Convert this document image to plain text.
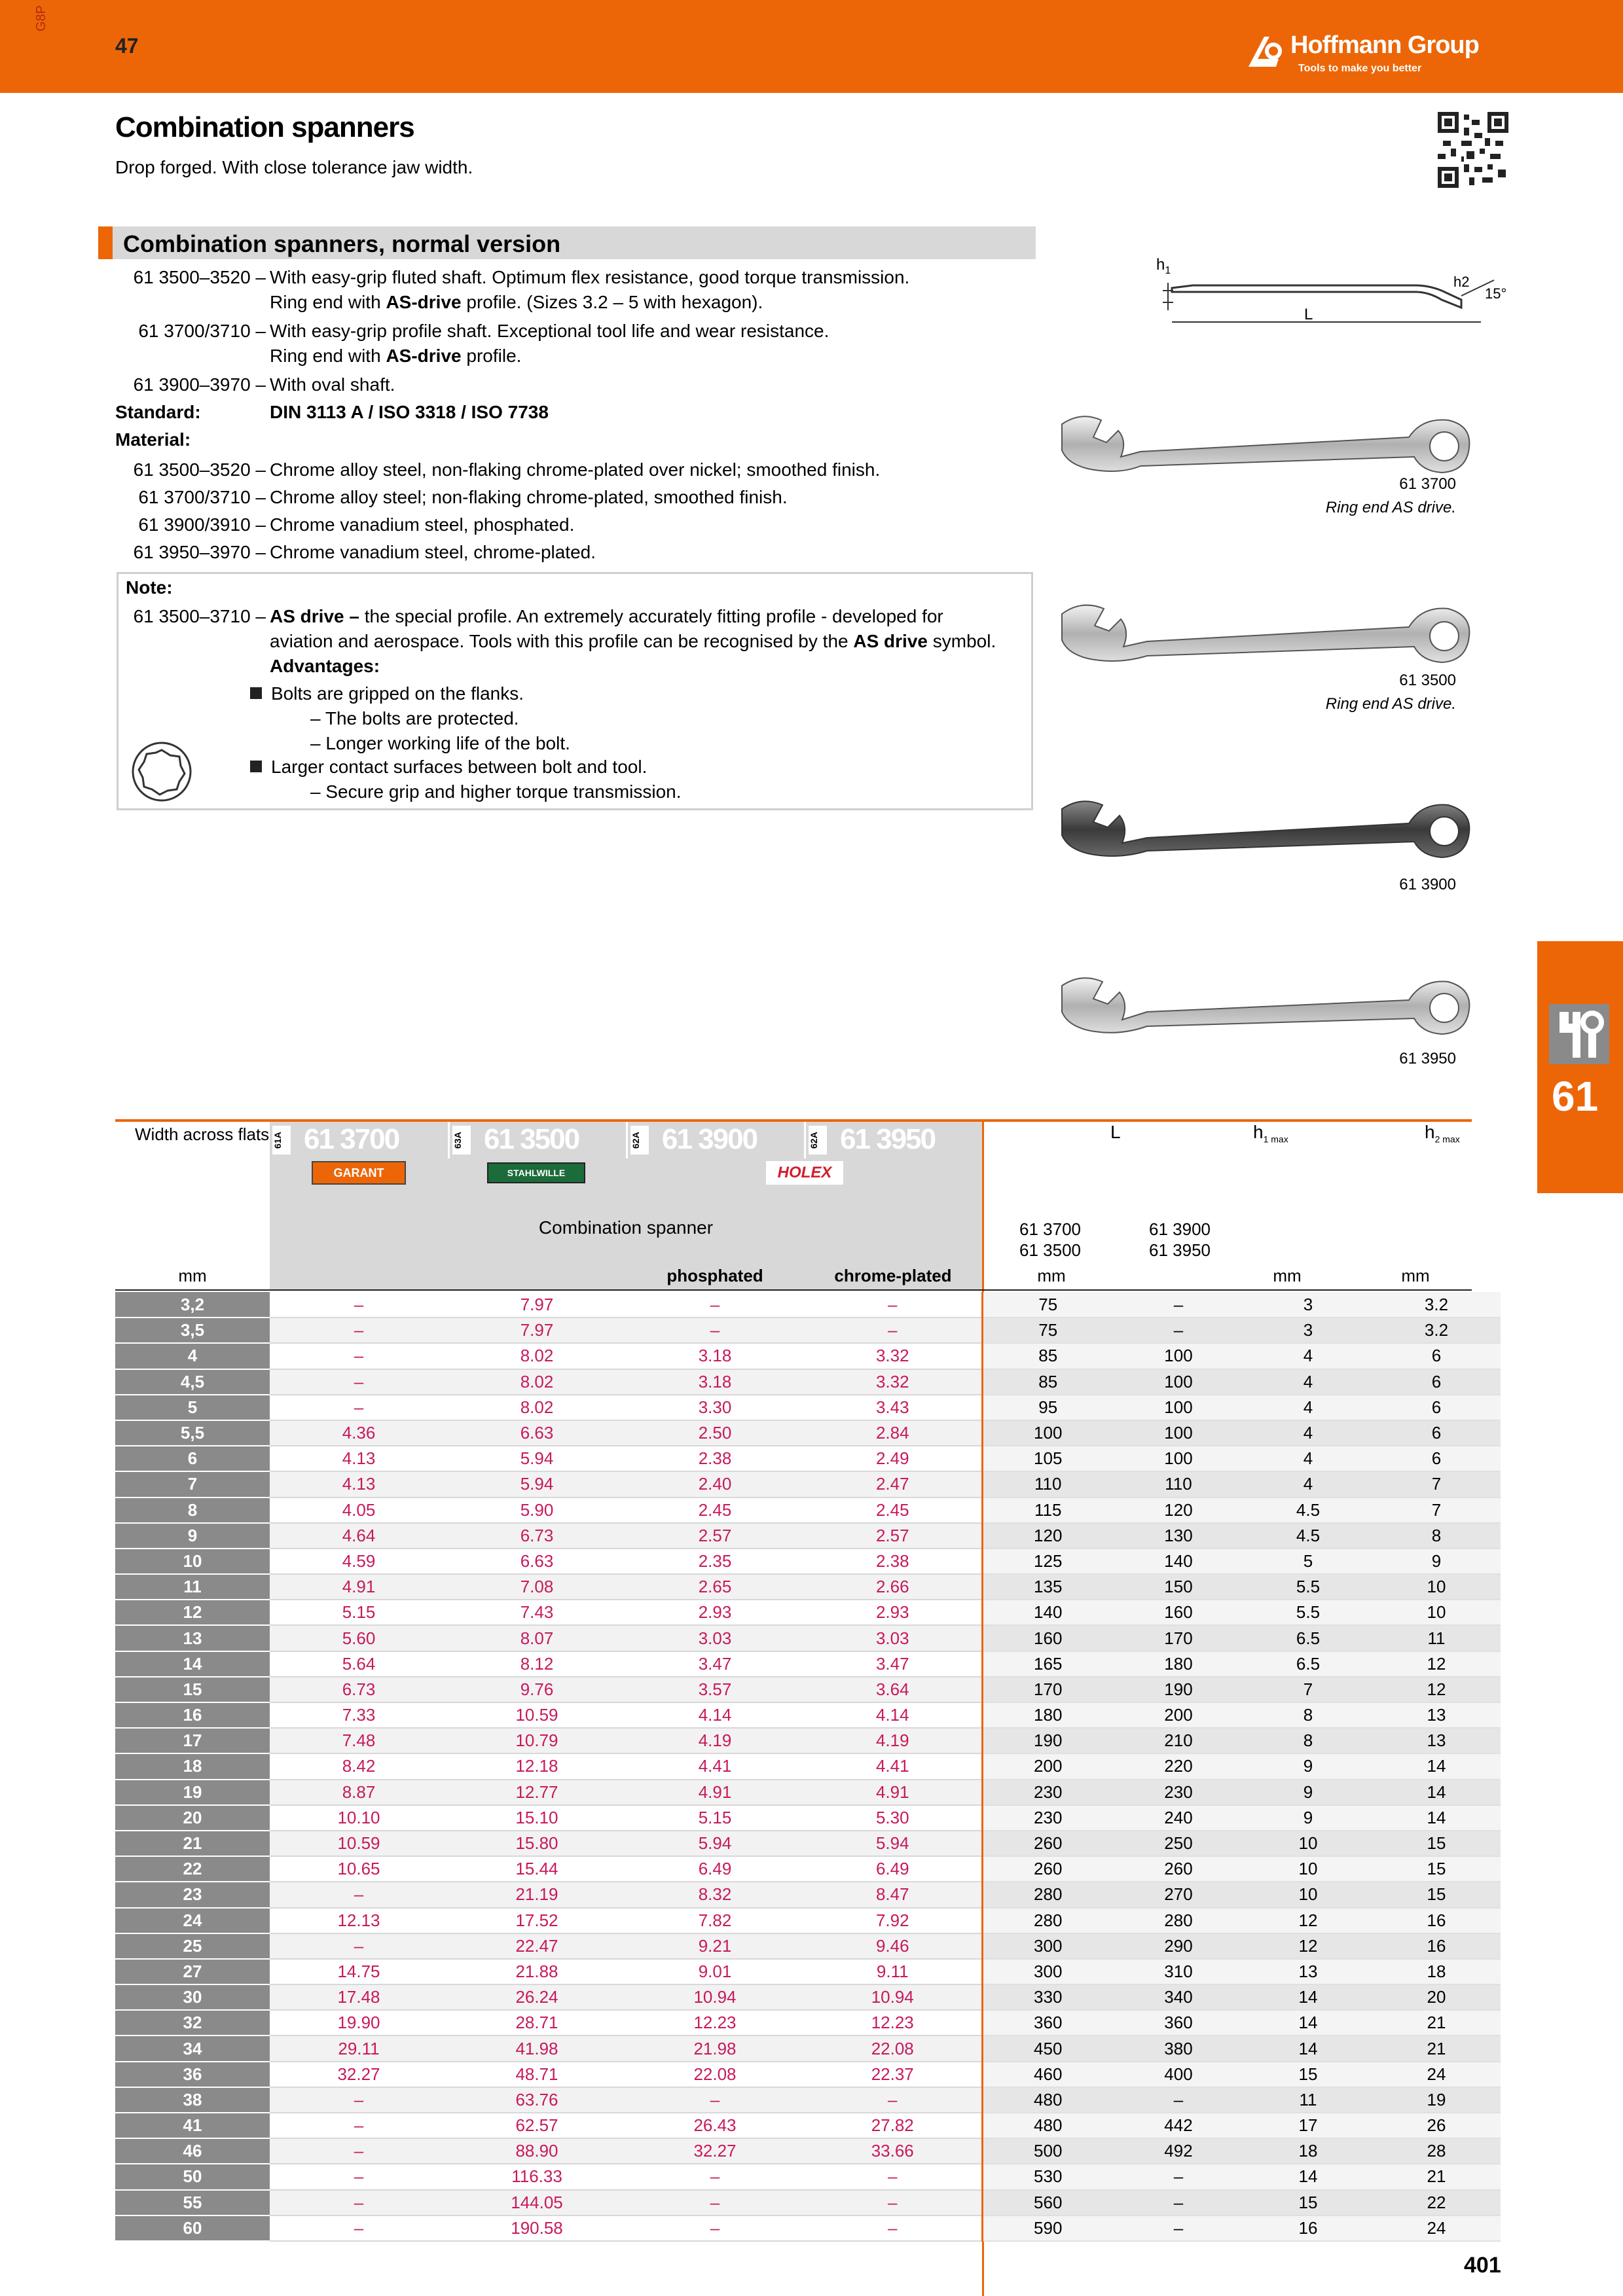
G8P
47	Hoffmann Group
Tools to make you better
Combination spanners
Drop forged. With close tolerance jaw width.
Combination spanners, normal version
61 3500–3520 – With easy-grip fluted shaft. Optimum flex resistance, good torque transmission.
Ring end with AS-drive profile. (Sizes 3.2 – 5 with hexagon).
61 3700/3710 – With easy-grip profile shaft. Exceptional tool life and wear resistance.
Ring end with AS-drive profile.
61 3900–3970 – With oval shaft.
Standard:	DIN 3113 A / ISO 3318 / ISO 7738
Material:
61 3500–3520 – Chrome alloy steel, non-flaking chrome-plated over nickel; smoothed finish.
61 3700/3710 – Chrome alloy steel; non-flaking chrome-plated, smoothed finish.
61 3900/3910 – Chrome vanadium steel, phosphated.
61 3950–3970 – Chrome vanadium steel, chrome-plated.
Note:
61 3500–3710 – AS drive – the special profile. An extremely accurately fitting profile - developed for
aviation and aerospace. Tools with this profile can be recognised by the AS drive symbol.
Advantages:
Bolts are gripped on the flanks.
– The bolts are protected.
– Longer working life of the bolt.
Larger contact surfaces between bolt and tool.
– Secure grip and higher torque transmission.
$h_1$
L
h2
15°
61 3700
Ring end AS drive.
61 3500
Ring end AS drive.
61 3900
61 3950
61
Width across flats 61A 61 3700	63A 61 3500	62A 61 3900	62A 61 3950
GARANT	STAHLWILLE	HOLEX
Combination spanner
L	$h_{1 max}$	$h_{2 max}$
61 3700
61 3500
61 3900
61 3950
mm	phosphated	chrome-plated	mm	mm	mm
3,2	–	7.97	–	–	75	–	3	3.2
3,5	–	7.97	–	–	75	–	3	3.2
4	–	8.02	3.18	3.32	85	100	4	6
4,5	–	8.02	3.18	3.32	85	100	4	6
5	–	8.02	3.30	3.43	95	100	4	6
5,5	4.36	6.63	2.50	2.84	100	100	4	6
6	4.13	5.94	2.38	2.49	105	100	4	6
7	4.13	5.94	2.40	2.47	110	110	4	7
8	4.05	5.90	2.45	2.45	115	120	4.5	7
9	4.64	6.73	2.57	2.57	120	130	4.5	8
10	4.59	6.63	2.35	2.38	125	140	5	9
11	4.91	7.08	2.65	2.66	135	150	5.5	10
12	5.15	7.43	2.93	2.93	140	160	5.5	10
13	5.60	8.07	3.03	3.03	160	170	6.5	11
14	5.64	8.12	3.47	3.47	165	180	6.5	12
15	6.73	9.76	3.57	3.64	170	190	7	12
16	7.33	10.59	4.14	4.14	180	200	8	13
17	7.48	10.79	4.19	4.19	190	210	8	13
18	8.42	12.18	4.41	4.41	200	220	9	14
19	8.87	12.77	4.91	4.91	230	230	9	14
20	10.10	15.10	5.15	5.30	230	240	9	14
21	10.59	15.80	5.94	5.94	260	250	10	15
22	10.65	15.44	6.49	6.49	260	260	10	15
23	–	21.19	8.32	8.47	280	270	10	15
24	12.13	17.52	7.82	7.92	280	280	12	16
25	–	22.47	9.21	9.46	300	290	12	16
27	14.75	21.88	9.01	9.11	300	310	13	18
30	17.48	26.24	10.94	10.94	330	340	14	20
32	19.90	28.71	12.23	12.23	360	360	14	21
34	29.11	41.98	21.98	22.08	450	380	14	21
36	32.27	48.71	22.08	22.37	460	400	15	24
38	–	63.76	–	–	480	–	11	19
41	–	62.57	26.43	27.82	480	442	17	26
46	–	88.90	32.27	33.66	500	492	18	28
50	–	116.33	–	–	530	–	14	21
55	–	144.05	–	–	560	–	15	22
60	–	190.58	–	–	590	–	16	24
401
